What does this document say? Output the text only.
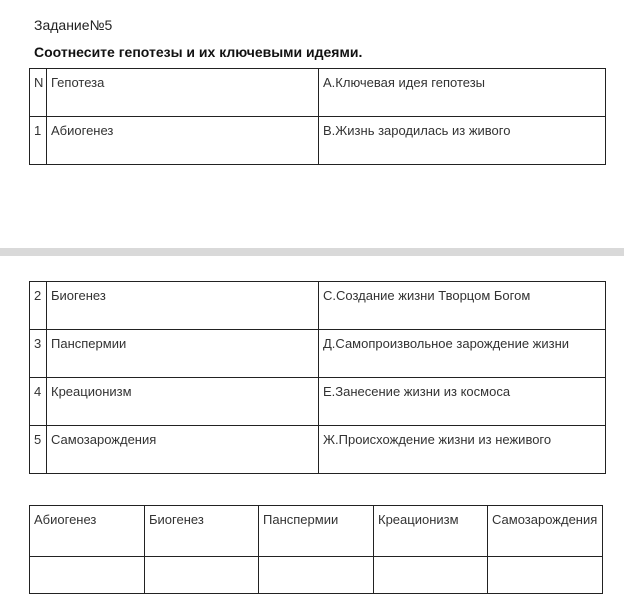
Задание№5
Соотнесите гепотезы и их ключевыми идеями.
N	Гепотеза	А.Ключевая идея гепотезы
1	Абиогенез	В.Жизнь зародилась из живого
2	Биогенез	С.Создание жизни Творцом Богом
3	Панспермии	Д.Самопроизвольное зарождение жизни
4	Креационизм	Е.Занесение жизни из космоса
5	Самозарождения	Ж.Происхождение жизни из неживого
Абиогенез	Биогенез	Панспермии	Креационизм	Самозарождения
